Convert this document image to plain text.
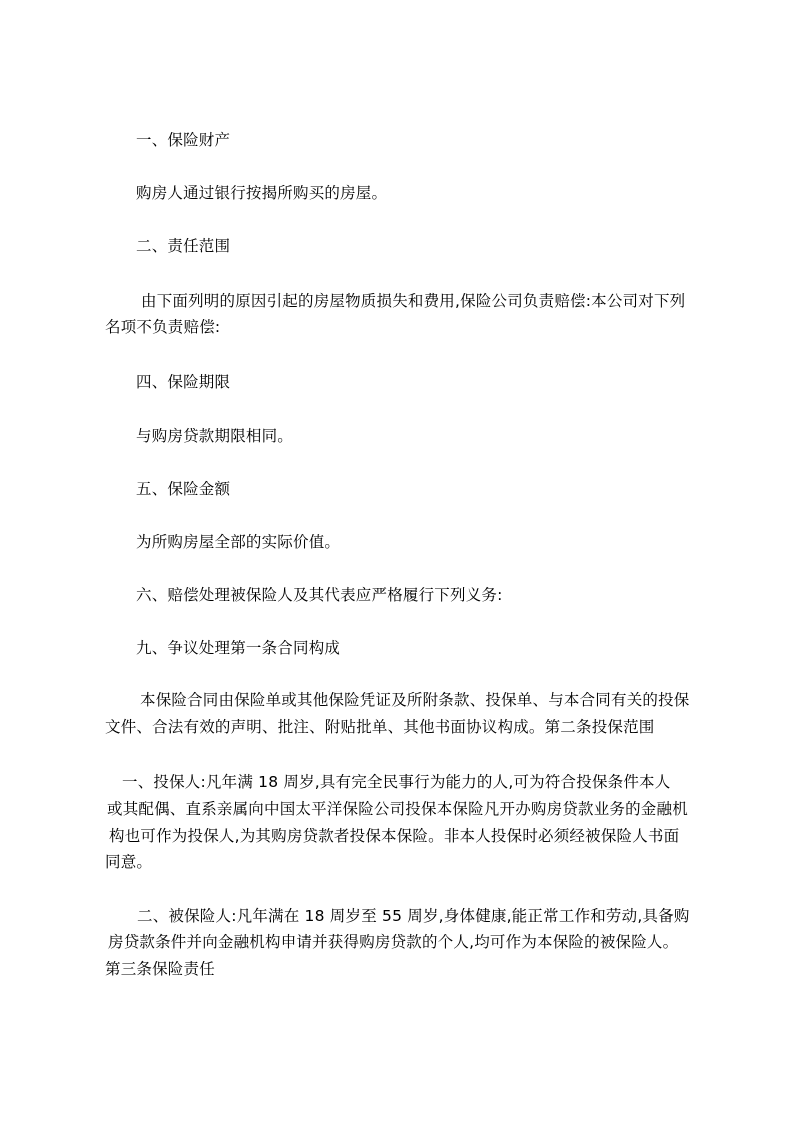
一、保险财产
购房人通过银行按揭所购买的房屋。
二、责任范围
由下面列明的原因引起的房屋物质损失和费用,保险公司负责赔偿:本公司对下列
名项不负责赔偿:
四、保险期限
与购房贷款期限相同。
五、保险金额
为所购房屋全部的实际价值。
六、赔偿处理被保险人及其代表应严格履行下列义务:
九、争议处理第一条合同构成
本保险合同由保险单或其他保险凭证及所附条款、投保单、与本合同有关的投保
文件、合法有效的声明、批注、附贴批单、其他书面协议构成。第二条投保范围
一、投保人:凡年满 18 周岁,具有完全民事行为能力的人,可为符合投保条件本人
或其配偶、直系亲属向中国太平洋保险公司投保本保险凡开办购房贷款业务的金融机
构也可作为投保人,为其购房贷款者投保本保险。非本人投保时必须经被保险人书面
同意。
二、被保险人:凡年满在 18 周岁至 55 周岁,身体健康,能正常工作和劳动,具备购
房贷款条件并向金融机构申请并获得购房贷款的个人,均可作为本保险的被保险人。
第三条保险责任
